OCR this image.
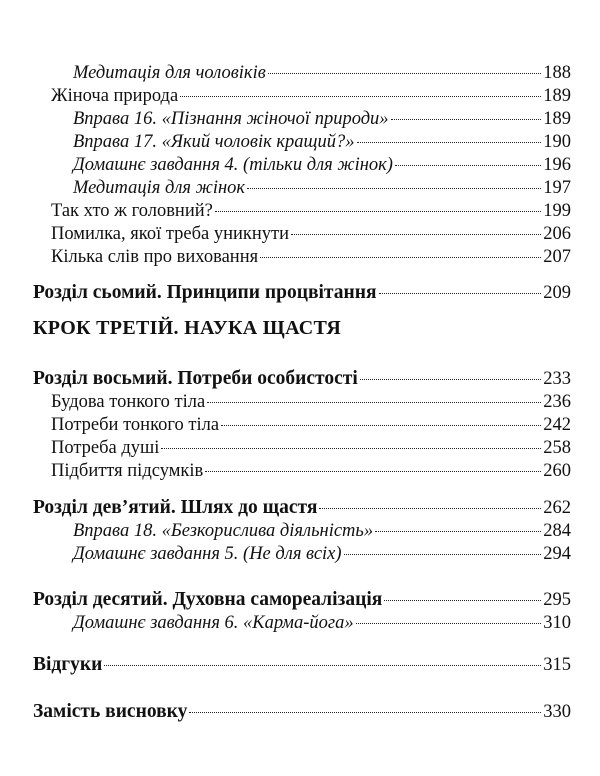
Медитація для чоловіків	188
Жіноча природа	189
Вправа 16. «Пізнання жіночої природи»	189
Вправа 17. «Який чоловік кращий?»	190
Домашнє завдання 4. (тільки для жінок)	196
Медитація для жінок	197
Так хто ж головний?	199
Помилка, якої треба уникнути	206
Кілька слів про виховання	207
Розділ сьомий. Принципи процвітання	209
КРОК ТРЕТІЙ. НАУКА ЩАСТЯ
Розділ восьмий. Потреби особистості	233
Будова тонкого тіла	236
Потреби тонкого тіла	242
Потреба душі	258
Підбиття підсумків	260
Розділ дев’ятий. Шлях до щастя	262
Вправа 18. «Безкорислива діяльність»	284
Домашнє завдання 5. (Не для всіх)	294
Розділ десятий. Духовна самореалізація	295
Домашнє завдання 6. «Карма-йога»	310
Відгуки	315
Замість висновку	330
